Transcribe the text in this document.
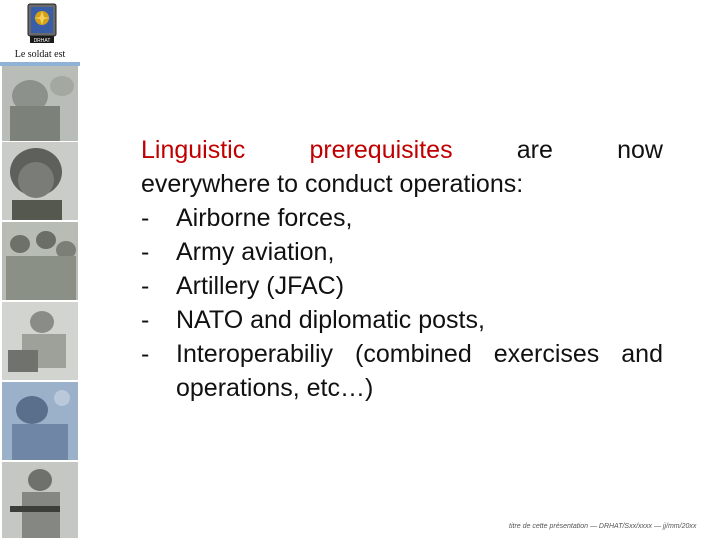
DRHAT
Le soldat est
Linguistic	prerequisites	are	now
everywhere to conduct operations:
-	Airborne forces,
-	Army aviation,
-	Artillery (JFAC)
-	NATO and diplomatic posts,
-	Interoperabiliy (combined exercises and operations, etc…)
titre de cette présentation — DRHAT/Sxx/xxxx — jj/mm/20xx
